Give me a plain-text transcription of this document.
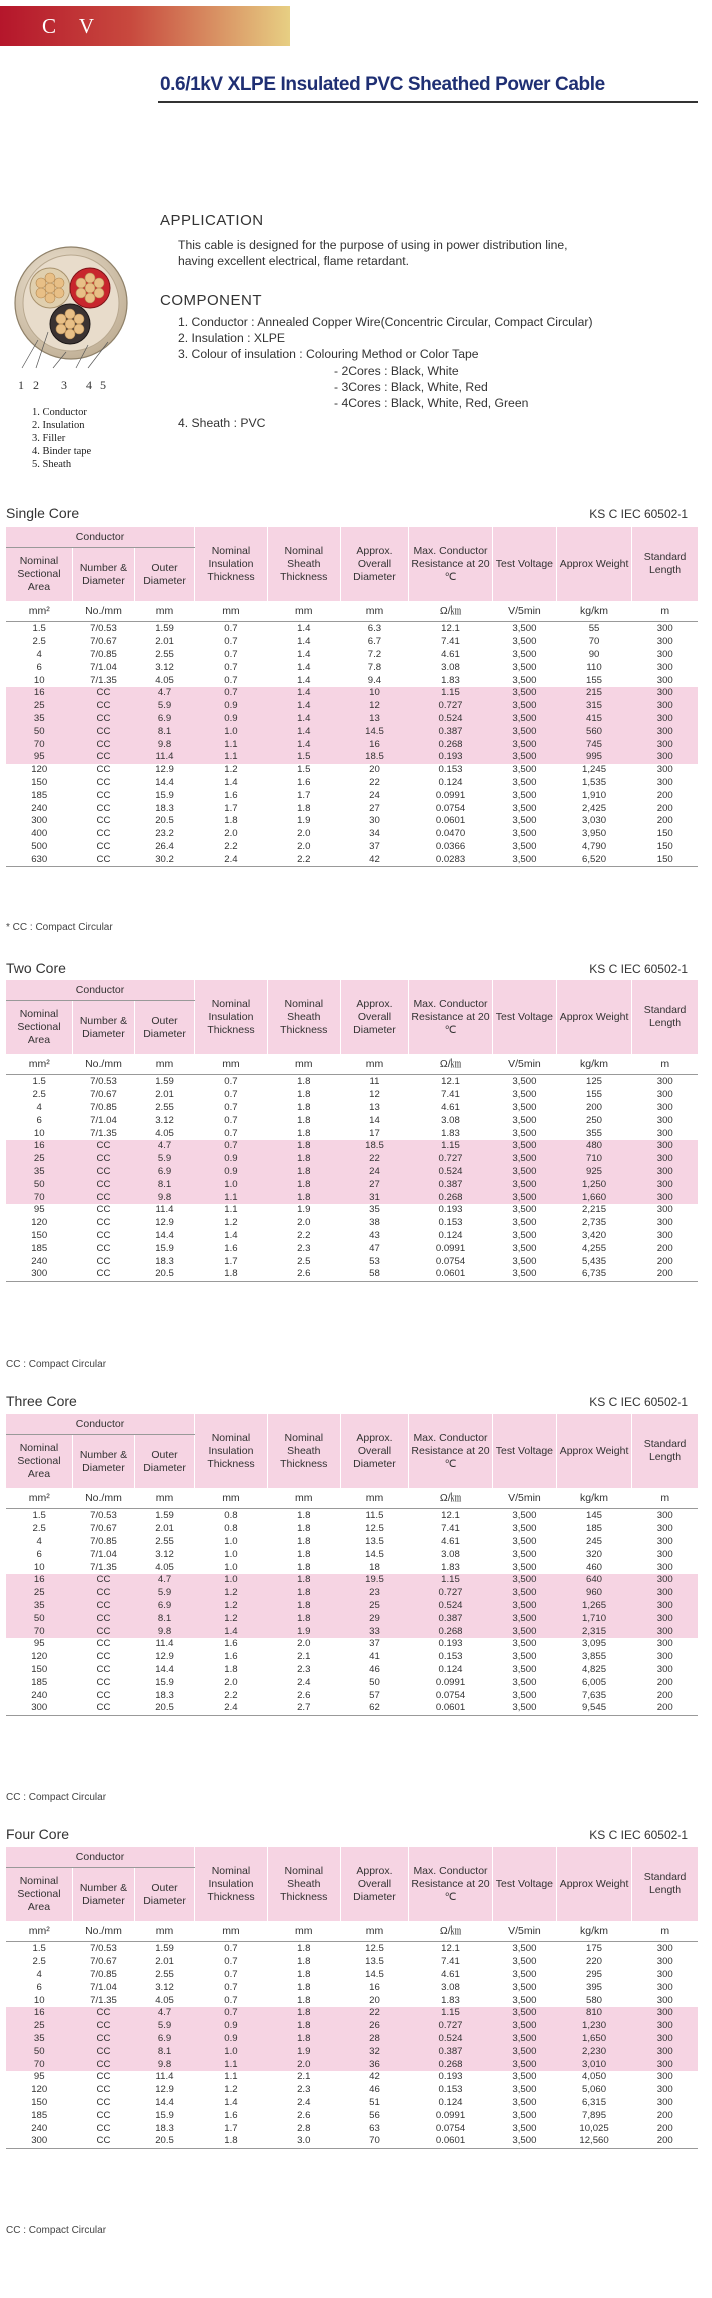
C V
0.6/1kV XLPE Insulated PVC Sheathed Power Cable
APPLICATION
This cable is designed for the purpose of using in power distribution line,
having excellent electrical, flame retardant.
COMPONENT
1. Conductor : Annealed Copper Wire(Concentric Circular, Compact Circular)
2. Insulation : XLPE
3. Colour of insulation : Colouring Method or Color Tape
- 2Cores : Black, White
- 3Cores : Black, White, Red
- 4Cores : Black, White, Red, Green
4. Sheath : PVC
1 2 3 4 5
1. Conductor
2. Insulation
3. Filler
4. Binder tape
5. Sheath
Single Core	KS C IEC 60502-1
Conductor			Nominal Insulation Thickness	Nominal Sheath Thickness	Approx. Overall Diameter	Max. Conductor Resistance at 20 ℃	Test Voltage	Approx Weight	Standard Length
Nominal Sectional Area	Number & Diameter	Outer Diameter							
mm²	No./mm	mm	mm	mm	mm	Ω/㎞	V/5min	kg/km	m

1.5	7/0.53	1.59	0.7	1.4	6.3	12.1	3,500	55	300
2.5	7/0.67	2.01	0.7	1.4	6.7	7.41	3,500	70	300
4	7/0.85	2.55	0.7	1.4	7.2	4.61	3,500	90	300
6	7/1.04	3.12	0.7	1.4	7.8	3.08	3,500	110	300
10	7/1.35	4.05	0.7	1.4	9.4	1.83	3,500	155	300
16	CC	4.7	0.7	1.4	10	1.15	3,500	215	300
25	CC	5.9	0.9	1.4	12	0.727	3,500	315	300
35	CC	6.9	0.9	1.4	13	0.524	3,500	415	300
50	CC	8.1	1.0	1.4	14.5	0.387	3,500	560	300
70	CC	9.8	1.1	1.4	16	0.268	3,500	745	300
95	CC	11.4	1.1	1.5	18.5	0.193	3,500	995	300
120	CC	12.9	1.2	1.5	20	0.153	3,500	1,245	300
150	CC	14.4	1.4	1.6	22	0.124	3,500	1,535	300
185	CC	15.9	1.6	1.7	24	0.0991	3,500	1,910	200
240	CC	18.3	1.7	1.8	27	0.0754	3,500	2,425	200
300	CC	20.5	1.8	1.9	30	0.0601	3,500	3,030	200
400	CC	23.2	2.0	2.0	34	0.0470	3,500	3,950	150
500	CC	26.4	2.2	2.0	37	0.0366	3,500	4,790	150
630	CC	30.2	2.4	2.2	42	0.0283	3,500	6,520	150
* CC : Compact Circular
Two Core	KS C IEC 60502-1
Conductor			Nominal Insulation Thickness	Nominal Sheath Thickness	Approx. Overall Diameter	Max. Conductor Resistance at 20 ℃	Test Voltage	Approx Weight	Standard Length
Nominal Sectional Area	Number & Diameter	Outer Diameter							
mm²	No./mm	mm	mm	mm	mm	Ω/㎞	V/5min	kg/km	m

1.5	7/0.53	1.59	0.7	1.8	11	12.1	3,500	125	300
2.5	7/0.67	2.01	0.7	1.8	12	7.41	3,500	155	300
4	7/0.85	2.55	0.7	1.8	13	4.61	3,500	200	300
6	7/1.04	3.12	0.7	1.8	14	3.08	3,500	250	300
10	7/1.35	4.05	0.7	1.8	17	1.83	3,500	355	300
16	CC	4.7	0.7	1.8	18.5	1.15	3,500	480	300
25	CC	5.9	0.9	1.8	22	0.727	3,500	710	300
35	CC	6.9	0.9	1.8	24	0.524	3,500	925	300
50	CC	8.1	1.0	1.8	27	0.387	3,500	1,250	300
70	CC	9.8	1.1	1.8	31	0.268	3,500	1,660	300
95	CC	11.4	1.1	1.9	35	0.193	3,500	2,215	300
120	CC	12.9	1.2	2.0	38	0.153	3,500	2,735	300
150	CC	14.4	1.4	2.2	43	0.124	3,500	3,420	300
185	CC	15.9	1.6	2.3	47	0.0991	3,500	4,255	200
240	CC	18.3	1.7	2.5	53	0.0754	3,500	5,435	200
300	CC	20.5	1.8	2.6	58	0.0601	3,500	6,735	200
CC : Compact Circular
Three Core	KS C IEC 60502-1
Conductor			Nominal Insulation Thickness	Nominal Sheath Thickness	Approx. Overall Diameter	Max. Conductor Resistance at 20 ℃	Test Voltage	Approx Weight	Standard Length
Nominal Sectional Area	Number & Diameter	Outer Diameter							
mm²	No./mm	mm	mm	mm	mm	Ω/㎞	V/5min	kg/km	m

1.5	7/0.53	1.59	0.8	1.8	11.5	12.1	3,500	145	300
2.5	7/0.67	2.01	0.8	1.8	12.5	7.41	3,500	185	300
4	7/0.85	2.55	1.0	1.8	13.5	4.61	3,500	245	300
6	7/1.04	3.12	1.0	1.8	14.5	3.08	3,500	320	300
10	7/1.35	4.05	1.0	1.8	18	1.83	3,500	460	300
16	CC	4.7	1.0	1.8	19.5	1.15	3,500	640	300
25	CC	5.9	1.2	1.8	23	0.727	3,500	960	300
35	CC	6.9	1.2	1.8	25	0.524	3,500	1,265	300
50	CC	8.1	1.2	1.8	29	0.387	3,500	1,710	300
70	CC	9.8	1.4	1.9	33	0.268	3,500	2,315	300
95	CC	11.4	1.6	2.0	37	0.193	3,500	3,095	300
120	CC	12.9	1.6	2.1	41	0.153	3,500	3,855	300
150	CC	14.4	1.8	2.3	46	0.124	3,500	4,825	300
185	CC	15.9	2.0	2.4	50	0.0991	3,500	6,005	200
240	CC	18.3	2.2	2.6	57	0.0754	3,500	7,635	200
300	CC	20.5	2.4	2.7	62	0.0601	3,500	9,545	200
CC : Compact Circular
Four Core	KS C IEC 60502-1
Conductor			Nominal Insulation Thickness	Nominal Sheath Thickness	Approx. Overall Diameter	Max. Conductor Resistance at 20 ℃	Test Voltage	Approx Weight	Standard Length
Nominal Sectional Area	Number & Diameter	Outer Diameter							
mm²	No./mm	mm	mm	mm	mm	Ω/㎞	V/5min	kg/km	m

1.5	7/0.53	1.59	0.7	1.8	12.5	12.1	3,500	175	300
2.5	7/0.67	2.01	0.7	1.8	13.5	7.41	3,500	220	300
4	7/0.85	2.55	0.7	1.8	14.5	4.61	3,500	295	300
6	7/1.04	3.12	0.7	1.8	16	3.08	3,500	395	300
10	7/1.35	4.05	0.7	1.8	20	1.83	3,500	580	300
16	CC	4.7	0.7	1.8	22	1.15	3,500	810	300
25	CC	5.9	0.9	1.8	26	0.727	3,500	1,230	300
35	CC	6.9	0.9	1.8	28	0.524	3,500	1,650	300
50	CC	8.1	1.0	1.9	32	0.387	3,500	2,230	300
70	CC	9.8	1.1	2.0	36	0.268	3,500	3,010	300
95	CC	11.4	1.1	2.1	42	0.193	3,500	4,050	300
120	CC	12.9	1.2	2.3	46	0.153	3,500	5,060	300
150	CC	14.4	1.4	2.4	51	0.124	3,500	6,315	300
185	CC	15.9	1.6	2.6	56	0.0991	3,500	7,895	200
240	CC	18.3	1.7	2.8	63	0.0754	3,500	10,025	200
300	CC	20.5	1.8	3.0	70	0.0601	3,500	12,560	200
CC : Compact Circular
